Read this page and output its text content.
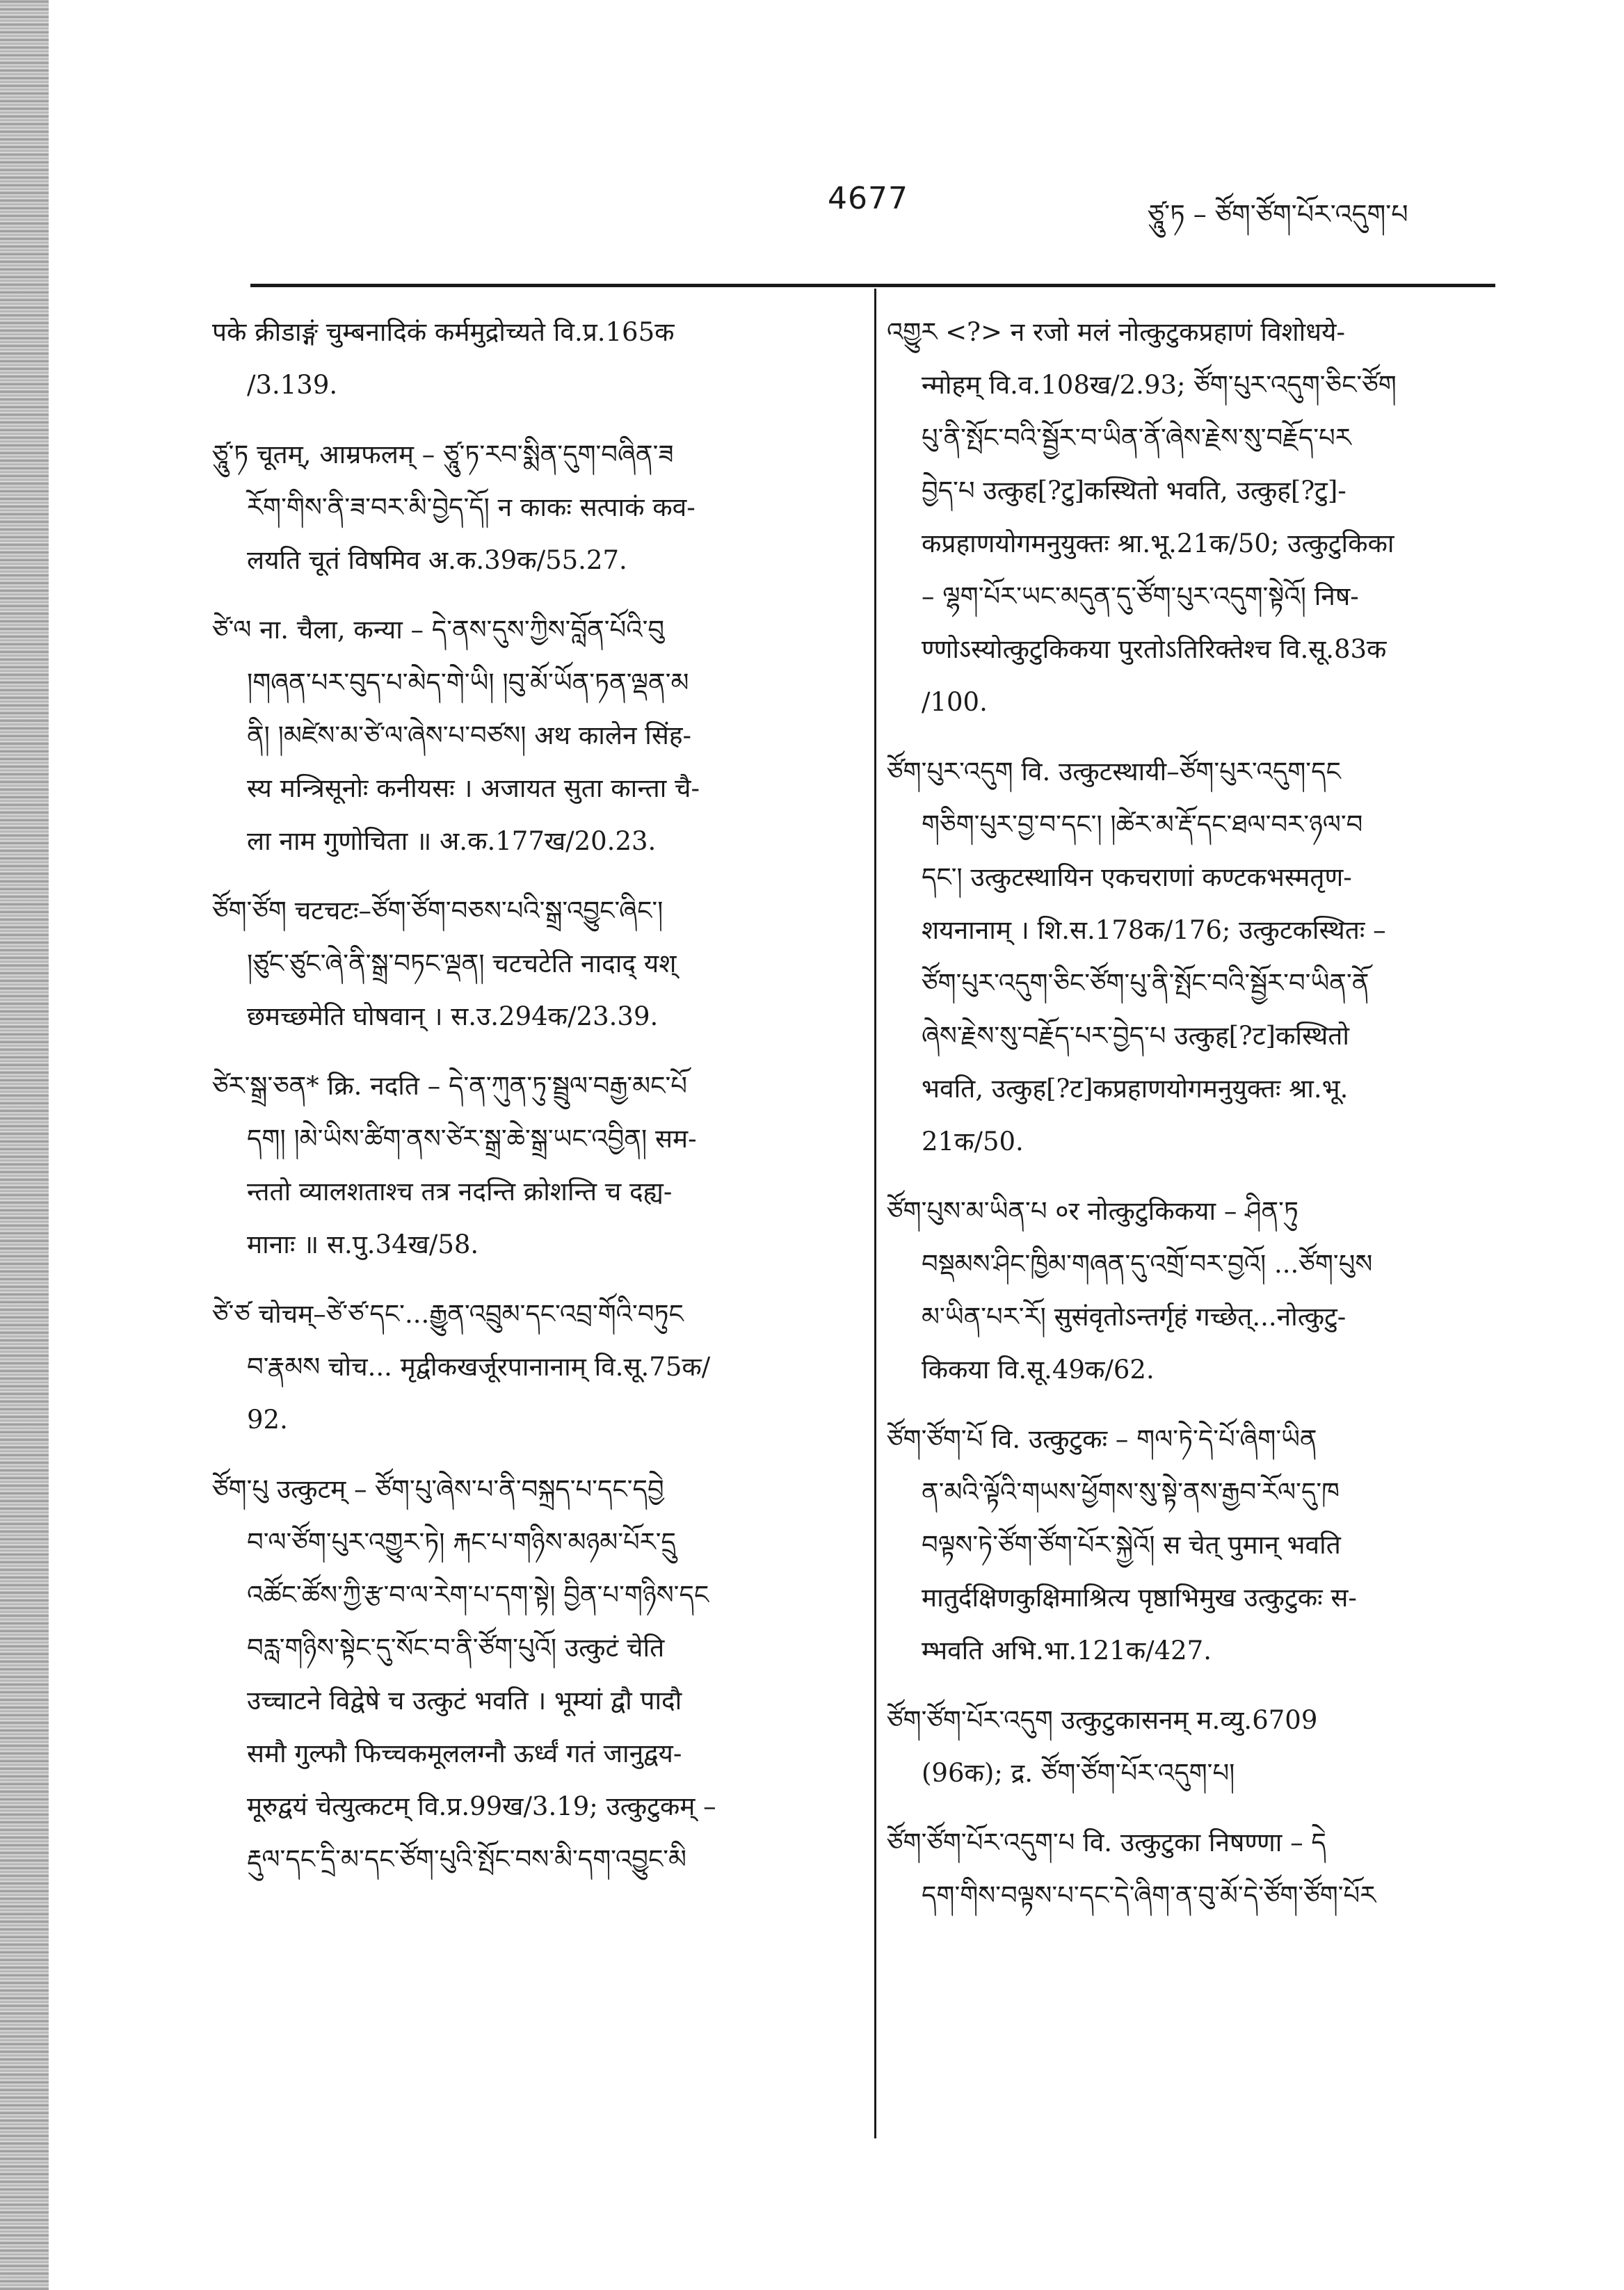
4677	ཙཱུ་ཏ – ཙོག་ཙོག་པོར་འདུག་པ
पके क्रीडाङ्गं चुम्बनादिकं कर्ममुद्रोच्यते वि.प्र.165क
/3.139.
ཙཱུ་ཏ चूतम्, आम्रफलम् – ཙཱུ་ཏ་རབ་སྨིན་དུག་བཞིན་ཟ
རོག་གིས་ནི་ཟ་བར་མི་བྱེད་དོ། न काकः सत्पाकं कव-
लयति चूतं विषमिव अ.क.39क/55.27.
ཙེ་ལ ना. चैला, कन्या – དེ་ནས་དུས་ཀྱིས་བློན་པོའི་བུ
།གཞན་པར་བུད་པ་མེད་གེ་ཡི། །བུ་མོ་ཡོན་ཏན་ལྡན་མ
ནི། །མཛེས་མ་ཙེ་ལ་ཞེས་པ་བཙས། अथ कालेन सिंह-
स्य मन्त्रिसूनोः कनीयसः । अजायत सुता कान्ता चै-
ला नाम गुणोचिता ॥ अ.क.177ख/20.23.
ཙོག་ཙོག चटचटः–ཙོག་ཙོག་བཅས་པའི་སྒྲ་འབྱུང་ཞིང་།
།ཙུང་ཙུང་ཞེ་ནི་སྒྲ་བཏང་ལྡན། चटचटेति नादाद् यश्
छमच्छमेति घोषवान् । स.उ.294क/23.39.
ཙེར་སྒྲ་ཅན* क्रि. नदति – དེ་ན་ཀུན་ཏུ་སྦྲུལ་བརྒྱ་མང་པོ
དག། །མེ་ཡིས་ཚིག་ནས་ཙེར་སྒྲ་ཆེ་སྒྲ་ཡང་འབྱིན། सम-
न्ततो व्यालशताश्च तत्र नदन्ति क्रोशन्ति च दह्य-
मानाः ॥ स.पु.34ख/58.
ཙེ་ཙ चोचम्–ཙེ་ཙ་དང་...རྒྱུན་འབྲུམ་དང་འབྲ་གོའི་བཏུང
བ་རྣམས चोच... मृद्वीकखर्जूरपानानाम् वि.सू.75क/
92.
ཙོག་པུ उत्कुटम् – ཙོག་པུ་ཞེས་པ་ནི་བསྐྲད་པ་དང་དབྱེ
བ་ལ་ཙོག་པུར་འགྱུར་ཏེ། རྐང་པ་གཉིས་མཉམ་པོར་དྲུ
འཚོང་ཚོས་ཀྱི་རྩ་བ་ལ་རེག་པ་དག་སྟེ། བྱིན་པ་གཉིས་དང
བརླ་གཉིས་སྟེང་དུ་སོང་བ་ནི་ཙོག་པུའོ། उत्कुटं चेति
उच्चाटने विद्वेषे च उत्कुटं भवति । भूम्यां द्वौ पादौ
समौ गुल्फौ फिच्चकमूललग्नौ ऊर्ध्वं गतं जानुद्वय-
मूरुद्वयं चेत्युत्कटम् वि.प्र.99ख/3.19; उत्कुटुकम् –
རྡུལ་དང་དྲི་མ་དང་ཙོག་པུའི་སྤོང་བས་མི་དག་འབྱུང་མི
འགྱུར <?> न रजो मलं नोत्कुटुकप्रहाणं विशोधये-
न्मोहम् वि.व.108ख/2.93; ཙོག་པུར་འདུག་ཅིང་ཙོག
པུ་ནི་སྤོང་བའི་སྦྱོར་བ་ཡིན་ནོ་ཞེས་རྗེས་སུ་བརྗོད་པར
བྱེད་པ उत्कुह[?टु]कस्थितो भवति, उत्कुह[?टु]-
कप्रहाणयोगमनुयुक्तः श्रा.भू.21क/50; उत्कुटुकिका
– ལྷག་པོར་ཡང་མདུན་དུ་ཙོག་པུར་འདུག་སྟེའོ། निष-
ण्णोऽस्योत्कुटुकिकया पुरतोऽतिरिक्तेश्च वि.सू.83क
/100.
ཙོག་པུར་འདུག वि. उत्कुटस्थायी–ཙོག་པུར་འདུག་དང
གཅིག་པུར་བྱ་བ་དང་། །ཚེར་མ་རྡོ་དང་ཐལ་བར་ཉལ་བ
དང་། उत्कुटस्थायिन एकचराणां कण्टकभस्मतृण-
शयनानाम् । शि.स.178क/176; उत्कुटकस्थितः –
ཙོག་པུར་འདུག་ཅིང་ཙོག་པུ་ནི་སྤོང་བའི་སྦྱོར་བ་ཡིན་ནོ
ཞེས་རྗེས་སུ་བརྗོད་པར་བྱེད་པ उत्कुह[?ट]कस्थितो
भवति, उत्कुह[?ट]कप्रहाणयोगमनुयुक्तः श्रा.भू.
21क/50.
ཙོག་པུས་མ་ཡིན་པ ०र नोत्कुटुकिकया – ཤིན་ཏུ
བསྡམས་ཤིང་ཁྱིམ་གཞན་དུ་འགྲོ་བར་བྱའོ། ...ཙོག་པུས
མ་ཡིན་པར་རོ། सुसंवृतोऽन्तर्गृहं गच्छेत्...नोत्कुटु-
किकया वि.सू.49क/62.
ཙོག་ཙོག་པོ वि. उत्कुटुकः – གལ་ཏེ་དེ་པོ་ཞིག་ཡིན
ན་མའི་ལྟོའི་གཡས་ཕྱོགས་སུ་སྟེ་ནས་རྒྱབ་རོལ་དུ་ཁ
བལྟས་ཏེ་ཙོག་ཙོག་པོར་སྐྱེའོ། स चेत् पुमान् भवति
मातुर्दक्षिणकुक्षिमाश्रित्य पृष्ठाभिमुख उत्कुटुकः स-
म्भवति अभि.भा.121क/427.
ཙོག་ཙོག་པོར་འདུག उत्कुटुकासनम् म.व्यु.6709
(96क); द्र. ཙོག་ཙོག་པོར་འདུག་པ།
ཙོག་ཙོག་པོར་འདུག་པ वि. उत्कुटुका निषण्णा – དེ
དག་གིས་བལྟས་པ་དང་དེ་ཞིག་ན་བུ་མོ་དེ་ཙོག་ཙོག་པོར
